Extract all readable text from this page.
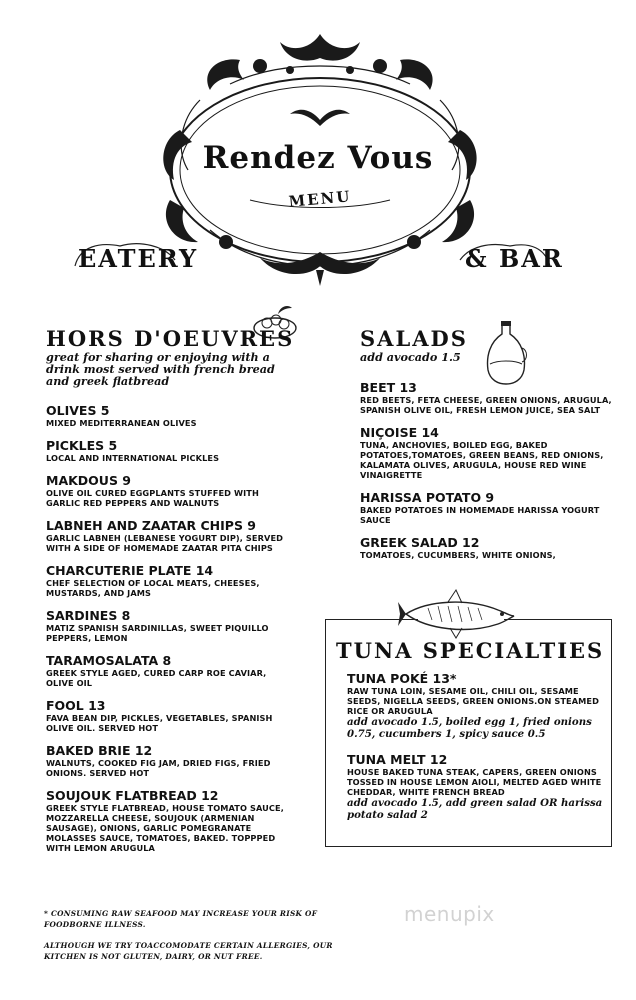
Rendez Vous
MENU
EATERY	& BAR
HORS D'OEUVRES
great for sharing or enjoying with a drink most served with french bread and greek flatbread
OLIVES 5
MIXED MEDITERRANEAN OLIVES
PICKLES 5
LOCAL AND INTERNATIONAL PICKLES
MAKDOUS 9
OLIVE OIL CURED EGGPLANTS STUFFED WITH GARLIC RED PEPPERS AND WALNUTS
LABNEH AND ZAATAR CHIPS 9
GARLIC LABNEH (LEBANESE YOGURT DIP), SERVED WITH A SIDE OF HOMEMADE ZAATAR PITA CHIPS
CHARCUTERIE PLATE 14
CHEF SELECTION OF LOCAL MEATS, CHEESES, MUSTARDS, AND JAMS
SARDINES 8
MATIZ SPANISH SARDINILLAS, SWEET PIQUILLO PEPPERS, LEMON
TARAMOSALATA 8
GREEK STYLE AGED, CURED CARP ROE CAVIAR, OLIVE OIL
FOOL 13
FAVA BEAN DIP, PICKLES, VEGETABLES, SPANISH OLIVE OIL. SERVED HOT
BAKED BRIE 12
WALNUTS, COOKED FIG JAM, DRIED FIGS, FRIED ONIONS. SERVED HOT
SOUJOUK FLATBREAD 12
GREEK STYLE FLATBREAD, HOUSE TOMATO SAUCE, MOZZARELLA CHEESE, SOUJOUK (ARMENIAN SAUSAGE), ONIONS, GARLIC POMEGRANATE MOLASSES SAUCE, TOMATOES, BAKED. TOPPPED WITH LEMON ARUGULA
SALADS
add avocado 1.5
BEET 13
RED BEETS, FETA CHEESE, GREEN ONIONS, ARUGULA, SPANISH OLIVE OIL, FRESH LEMON JUICE, SEA SALT
NIÇOISE 14
TUNA, ANCHOVIES, BOILED EGG, BAKED POTATOES,TOMATOES, GREEN BEANS, RED ONIONS, KALAMATA OLIVES, ARUGULA, HOUSE RED WINE VINAIGRETTE
HARISSA POTATO 9
BAKED POTATOES IN HOMEMADE HARISSA YOGURT SAUCE
GREEK SALAD 12
TOMATOES, CUCUMBERS, WHITE ONIONS,
TUNA SPECIALTIES
TUNA POKÉ 13*
RAW TUNA LOIN, SESAME OIL, CHILI OIL, SESAME SEEDS, NIGELLA SEEDS, GREEN ONIONS.ON STEAMED RICE OR ARUGULA
add avocado 1.5, boiled egg 1, fried onions 0.75, cucumbers 1, spicy sauce 0.5
TUNA MELT 12
HOUSE BAKED TUNA STEAK, CAPERS, GREEN ONIONS TOSSED IN HOUSE LEMON AIOLI, MELTED AGED WHITE CHEDDAR, WHITE FRENCH BREAD
add avocado 1.5, add green salad OR harissa potato salad 2
* CONSUMING RAW SEAFOOD MAY INCREASE YOUR RISK OF FOODBORNE ILLNESS.
ALTHOUGH WE TRY TOACCOMODATE CERTAIN ALLERGIES, OUR KITCHEN IS NOT GLUTEN, DAIRY, OR NUT FREE.
menupix
